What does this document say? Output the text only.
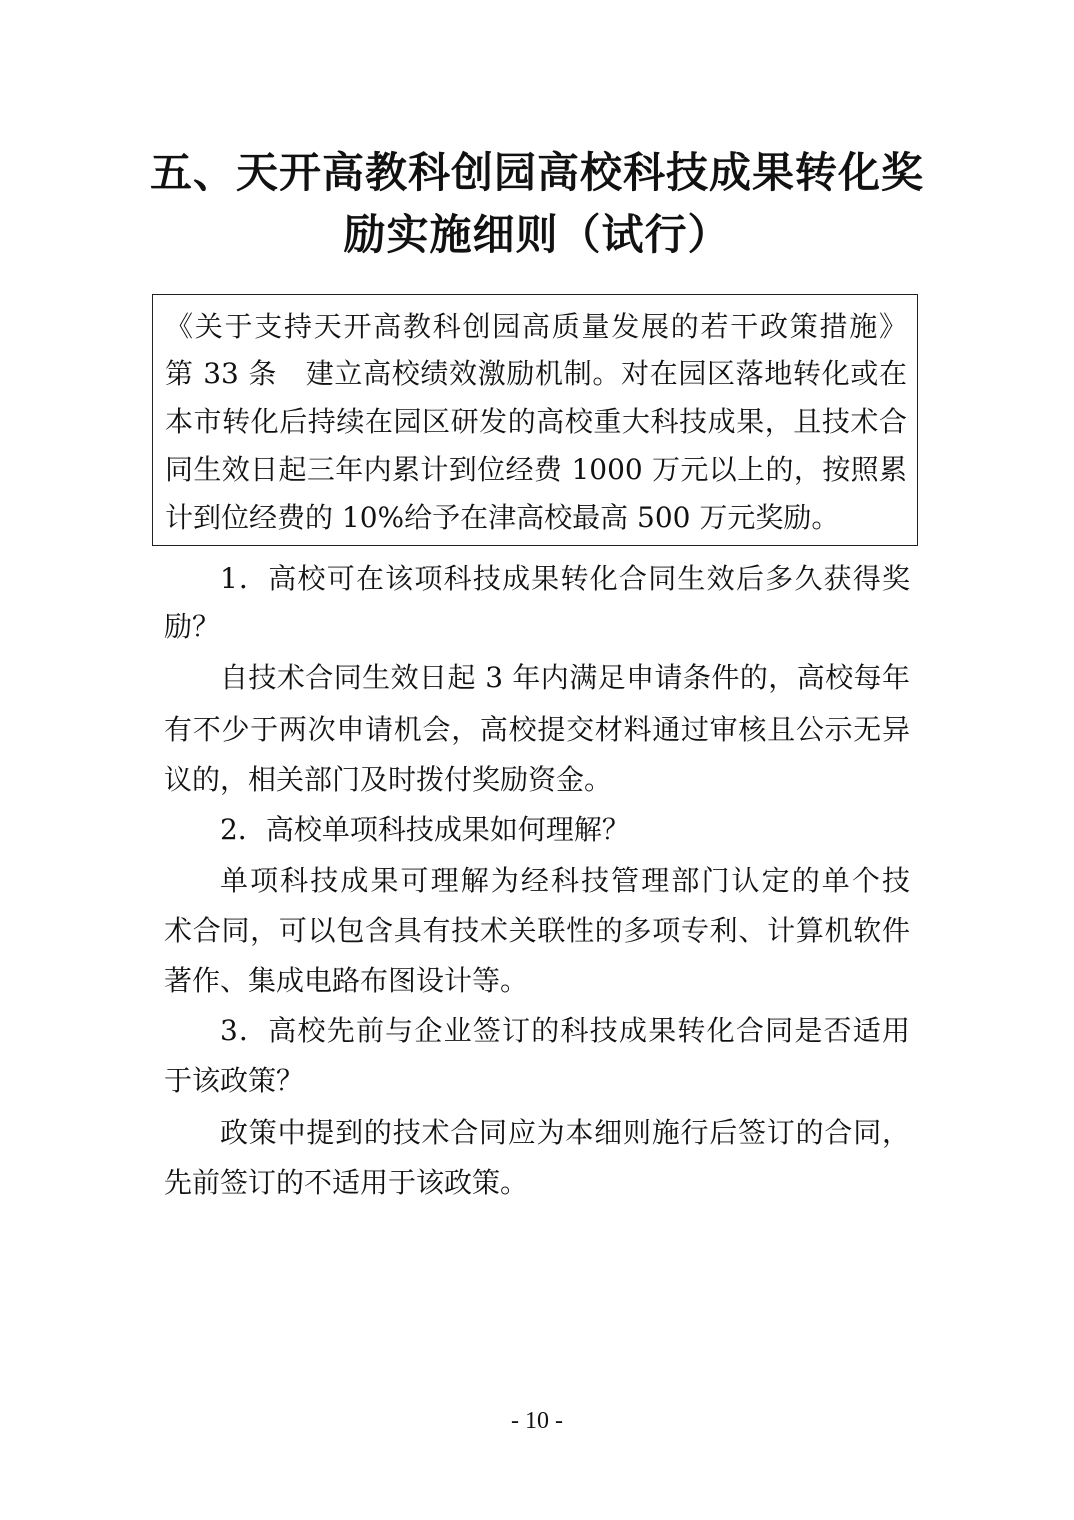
五、天开高教科创园高校科技成果转化奖
励实施细则（试行）
《关于支持天开高教科创园高质量发展的若干政策措施》
第 33 条　建立高校绩效激励机制。对在园区落地转化或在
本市转化后持续在园区研发的高校重大科技成果，且技术合
同生效日起三年内累计到位经费 1000 万元以上的，按照累
计到位经费的 10%给予在津高校最高 500 万元奖励。
1．高校可在该项科技成果转化合同生效后多久获得奖
励？
自技术合同生效日起 3 年内满足申请条件的，高校每年
有不少于两次申请机会，高校提交材料通过审核且公示无异
议的，相关部门及时拨付奖励资金。
2．高校单项科技成果如何理解？
单项科技成果可理解为经科技管理部门认定的单个技
术合同，可以包含具有技术关联性的多项专利、计算机软件
著作、集成电路布图设计等。
3．高校先前与企业签订的科技成果转化合同是否适用
于该政策？
政策中提到的技术合同应为本细则施行后签订的合同，
先前签订的不适用于该政策。
- 10 -
